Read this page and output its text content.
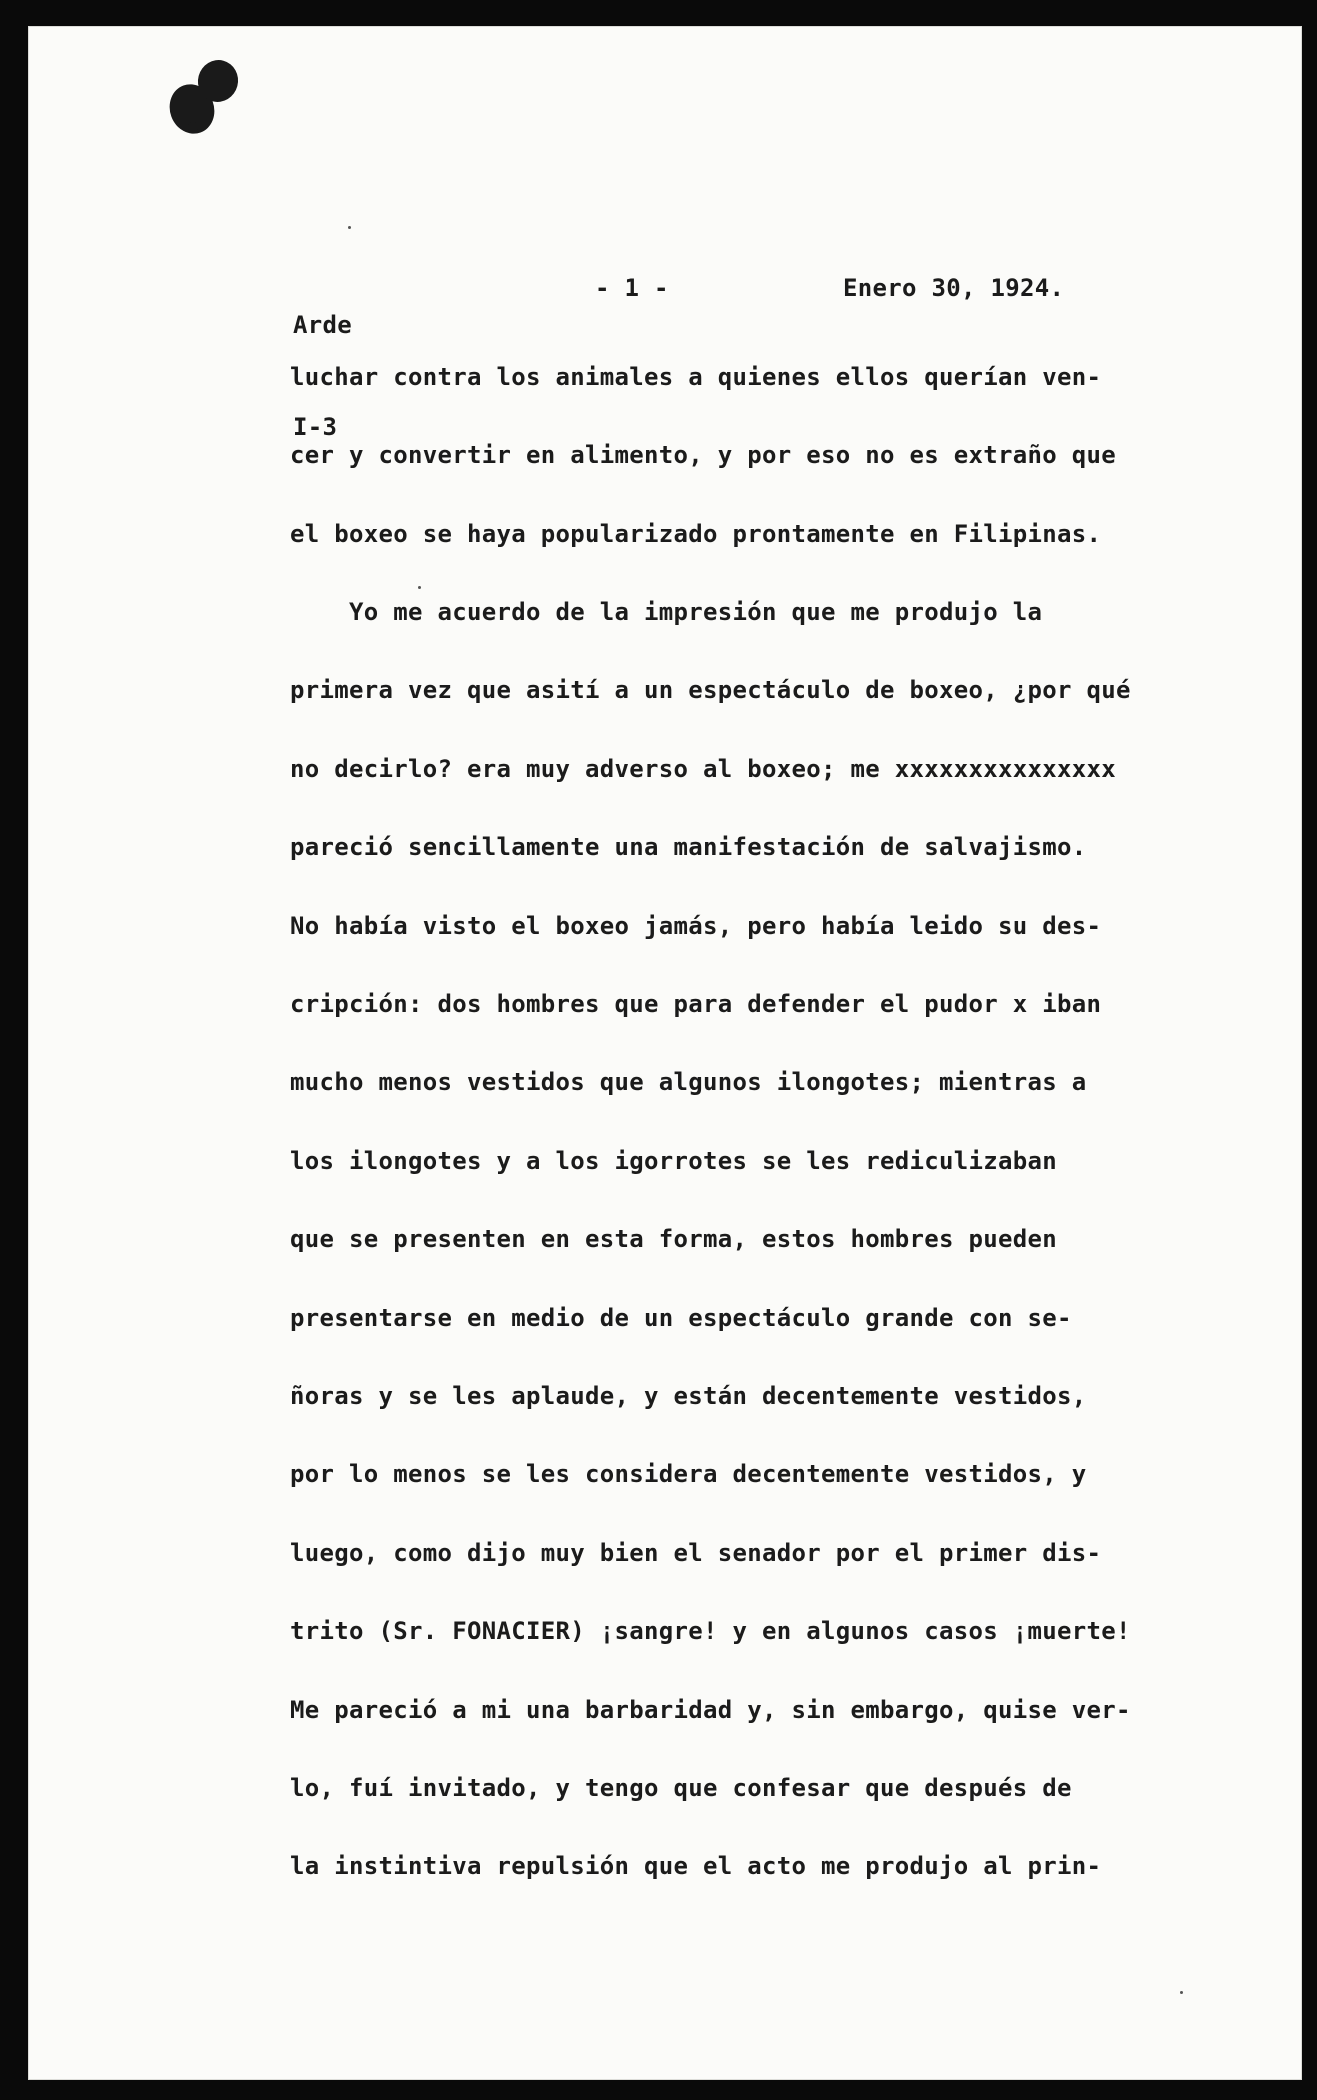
Arde

I-3

- 1 -	Enero 30, 1924.
luchar contra los animales a quienes ellos querían ven-
cer y convertir en alimento, y por eso no es extraño que
el boxeo se haya popularizado prontamente en Filipinas.
Yo me acuerdo de la impresión que me produjo la
primera vez que asití a un espectáculo de boxeo, ¿por qué
no decirlo? era muy adverso al boxeo; me xxxxxxxxxxxxxxx
pareció sencillamente una manifestación de salvajismo.
No había visto el boxeo jamás, pero había leido su des-
cripción: dos hombres que para defender el pudor x iban
mucho menos vestidos que algunos ilongotes; mientras a
los ilongotes y a los igorrotes se les rediculizaban
que se presenten en esta forma, estos hombres pueden
presentarse en medio de un espectáculo grande con se-
ñoras y se les aplaude, y están decentemente vestidos,
por lo menos se les considera decentemente vestidos, y
luego, como dijo muy bien el senador por el primer dis-
trito (Sr. FONACIER) ¡sangre! y en algunos casos ¡muerte!
Me pareció a mi una barbaridad y, sin embargo, quise ver-
lo, fuí invitado, y tengo que confesar que después de
la instintiva repulsión que el acto me produjo al prin-
